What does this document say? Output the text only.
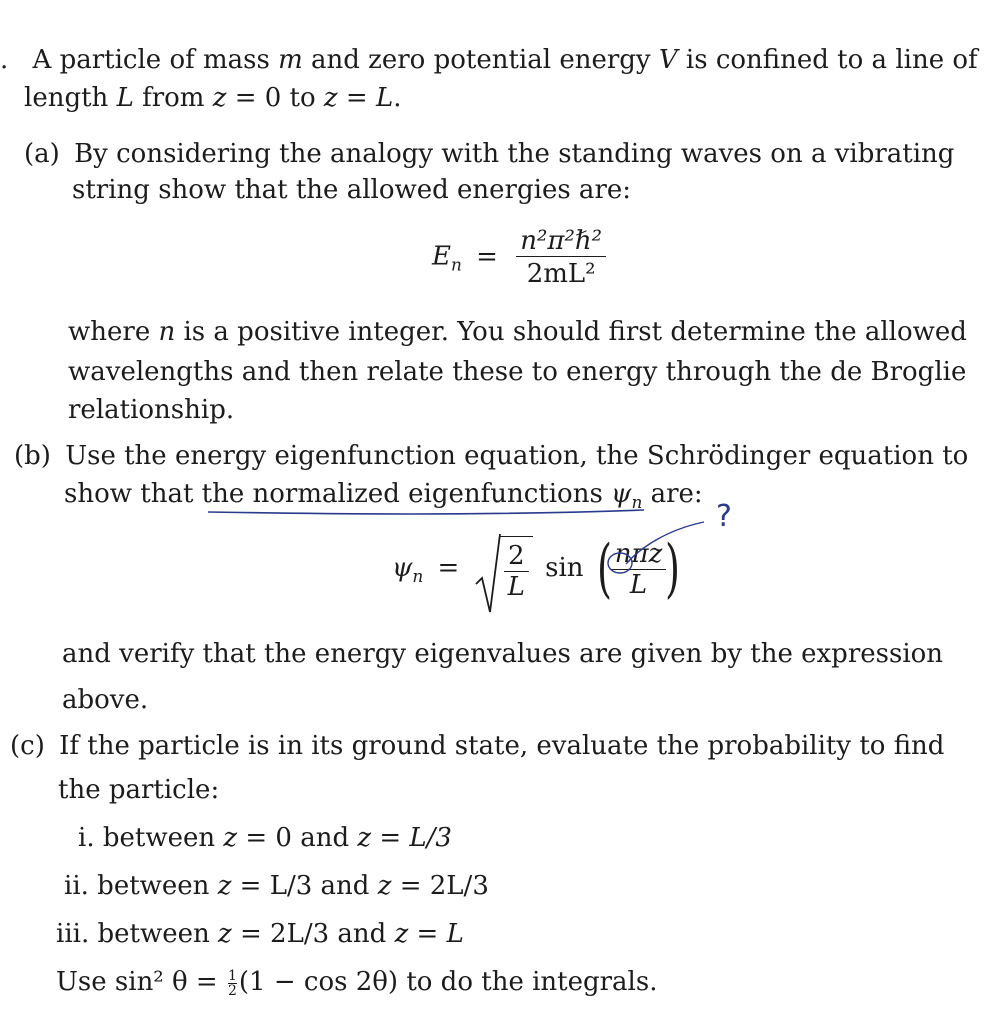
. A particle of mass m and zero potential energy V is confined to a line of
length L from z = 0 to z = L.
(a) By considering the analogy with the standing waves on a vibrating
string show that the allowed energies are:
$E_n = \frac{\text{n²π²ℏ²}}{\text{2mL²}}$
where n is a positive integer. You should first determine the allowed
wavelengths and then relate these to energy through the de Broglie
relationship.
(b) Use the energy eigenfunction equation, the Schrödinger equation to
show that the normalized eigenfunctions $\psi_n$ are:
$\psi_n = \frac{2}{L}$ sin (
$\frac{\text{nπz}}{L}$
)
and verify that the energy eigenvalues are given by the expression
above.
(c) If the particle is in its ground state, evaluate the probability to find
the particle:
i. between z = 0 and z = L/3
ii. between z = L/3 and z = 2L/3
iii. between z = 2L/3 and z = L
Use sin² $\theta = \frac{1}{2} (1 - \cos 2\theta)$ to do the integrals.
?
